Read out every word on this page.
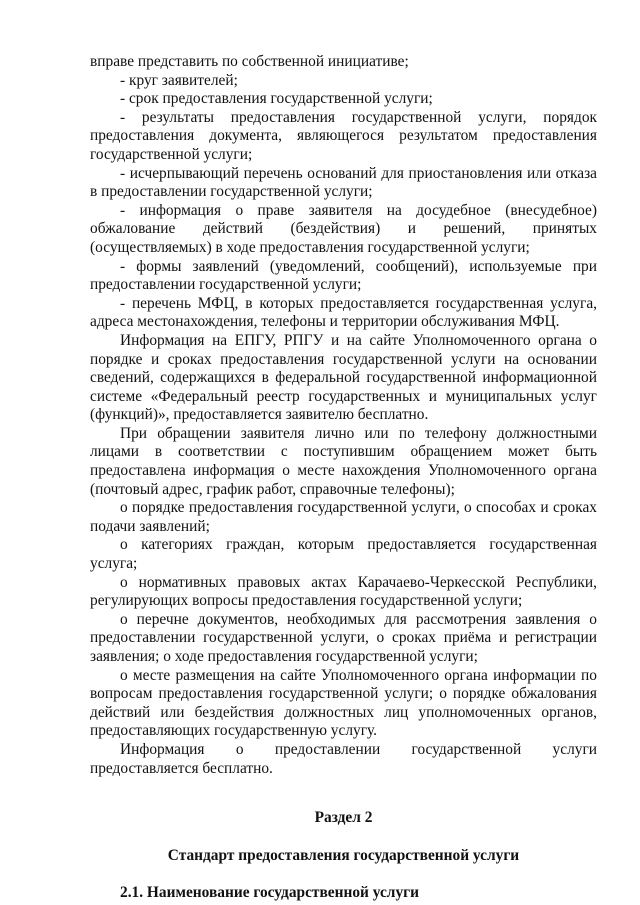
вправе представить по собственной инициативе;

- круг заявителей;

- срок предоставления государственной услуги;

- результаты предоставления государственной услуги, порядок предоставления документа, являющегося результатом предоставления государственной услуги;

- исчерпывающий перечень оснований для приостановления или отказа в предоставлении государственной услуги;

- информация о праве заявителя на досудебное (внесудебное) обжалование действий (бездействия) и решений, принятых (осуществляемых) в ходе предоставления государственной услуги;

- формы заявлений (уведомлений, сообщений), используемые при предоставлении государственной услуги;

- перечень МФЦ, в которых предоставляется государственная услуга, адреса местонахождения, телефоны и территории обслуживания МФЦ.

Информация на ЕПГУ, РПГУ и на сайте Уполномоченного органа о порядке и сроках предоставления государственной услуги на основании сведений, содержащихся в федеральной государственной информационной системе «Федеральный реестр государственных и муниципальных услуг (функций)», предоставляется заявителю бесплатно.

При обращении заявителя лично или по телефону должностными лицами в соответствии с поступившим обращением может быть предоставлена информация о месте нахождения Уполномоченного органа (почтовый адрес, график работ, справочные телефоны);

о порядке предоставления государственной услуги, о способах и сроках подачи заявлений;

о категориях граждан, которым предоставляется государственная услуга;

о нормативных правовых актах Карачаево-Черкесской Республики, регулирующих вопросы предоставления государственной услуги;

о перечне документов, необходимых для рассмотрения заявления о предоставлении государственной услуги, о сроках приёма и регистрации заявления; о ходе предоставления государственной услуги;

о месте размещения на сайте Уполномоченного органа информации по вопросам предоставления государственной услуги; о порядке обжалования действий или бездействия должностных лиц уполномоченных органов, предоставляющих государственную услугу.

Информация о предоставлении государственной услуги предоставляется бесплатно.

Раздел 2
Стандарт предоставления государственной услуги
2.1. Наименование государственной услуги
